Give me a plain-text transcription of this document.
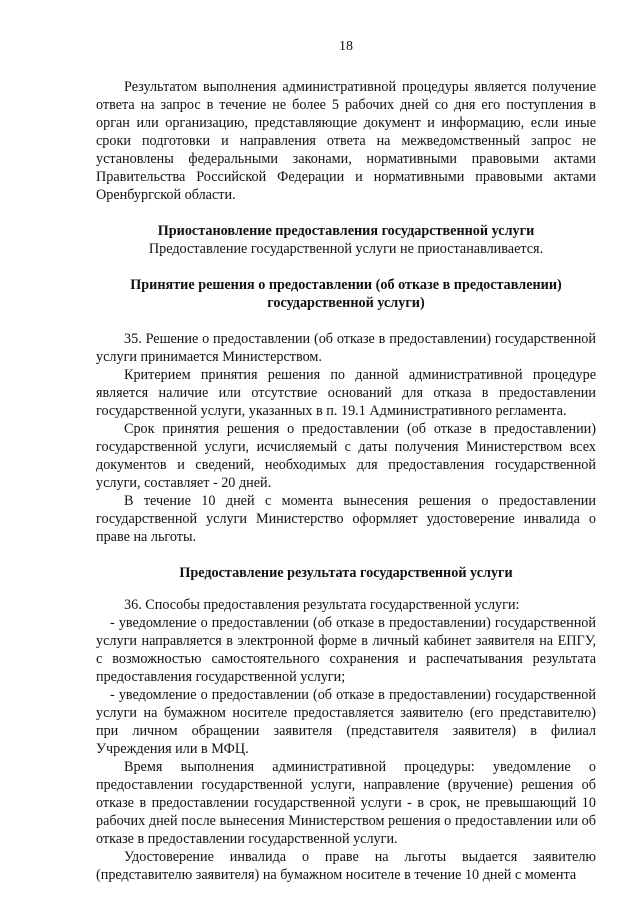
18

Результатом выполнения административной процедуры является получение ответа на запрос в течение не более 5 рабочих дней со дня его поступления в орган или организацию, представляющие документ и информацию, если иные сроки подготовки и направления ответа на межведомственный запрос не установлены федеральными законами, нормативными правовыми актами Правительства Российской Федерации и нормативными правовыми актами Оренбургской области.

Приостановление предоставления государственной услуги
Предоставление государственной услуги не приостанавливается.
Принятие решения о предоставлении (об отказе в предоставлении)
государственной услуги)

35. Решение о предоставлении (об отказе в предоставлении) государственной услуги принимается Министерством.

Критерием принятия решения по данной административной процедуре является наличие или отсутствие оснований для отказа в предоставлении государственной услуги, указанных в п. 19.1 Административного регламента.

Срок принятия решения о предоставлении (об отказе в предоставлении) государственной услуги, исчисляемый с даты получения Министерством всех документов и сведений, необходимых для предоставления государственной услуги, составляет - 20 дней.

В течение 10 дней с момента вынесения решения о предоставлении государственной услуги Министерство оформляет удостоверение инвалида о праве на льготы.

Предоставление результата государственной услуги

36. Способы предоставления результата государственной услуги:

- уведомление о предоставлении (об отказе в предоставлении) государственной услуги направляется в электронной форме в личный кабинет заявителя на ЕПГУ, с возможностью самостоятельного сохранения и распечатывания результата предоставления государственной услуги;

- уведомление о предоставлении (об отказе в предоставлении) государственной услуги на бумажном носителе предоставляется заявителю (его представителю) при личном обращении заявителя (представителя заявителя) в филиал Учреждения или в МФЦ.

Время выполнения административной процедуры: уведомление о предоставлении государственной услуги, направление (вручение) решения об отказе в предоставлении государственной услуги - в срок, не превышающий 10 рабочих дней после вынесения Министерством решения о предоставлении или об отказе в предоставлении государственной услуги.

Удостоверение инвалида о праве на льготы выдается заявителю (представителю заявителя) на бумажном носителе в течение 10 дней с момента
